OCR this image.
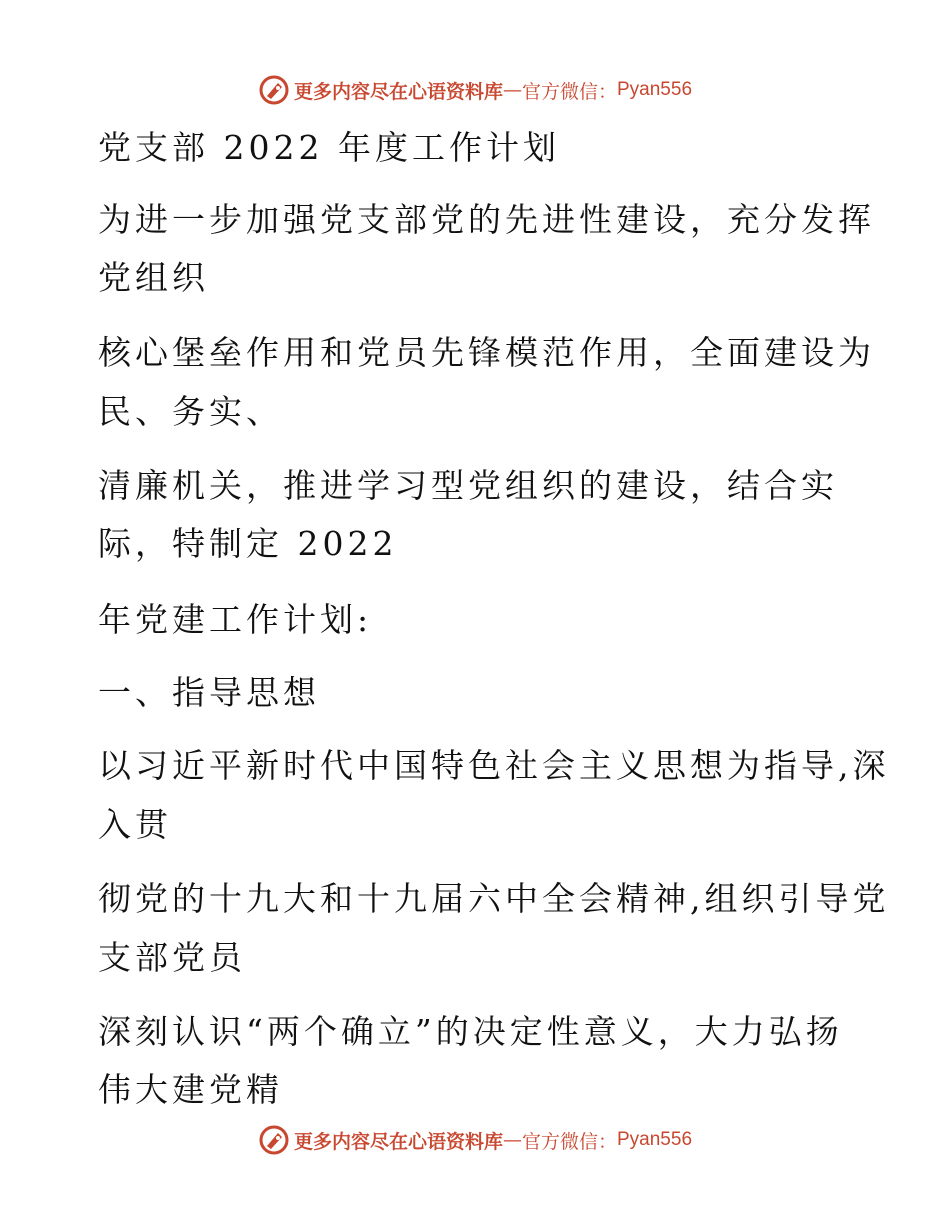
更多内容尽在心语资料库 — 官方微信： Pyan556
党支部 2022 年度工作计划
为进一步加强党支部党的先进性建设，充分发挥
党组织
核心堡垒作用和党员先锋模范作用，全面建设为
民、务实、
清廉机关，推进学习型党组织的建设，结合实
际，特制定 2022
年党建工作计划:
一、指导思想
以习近平新时代中国特色社会主义思想为指导,深
入贯
彻党的十九大和十九届六中全会精神,组织引导党
支部党员
深刻认识“两个确立”的决定性意义，大力弘扬
伟大建党精
更多内容尽在心语资料库 — 官方微信： Pyan556
